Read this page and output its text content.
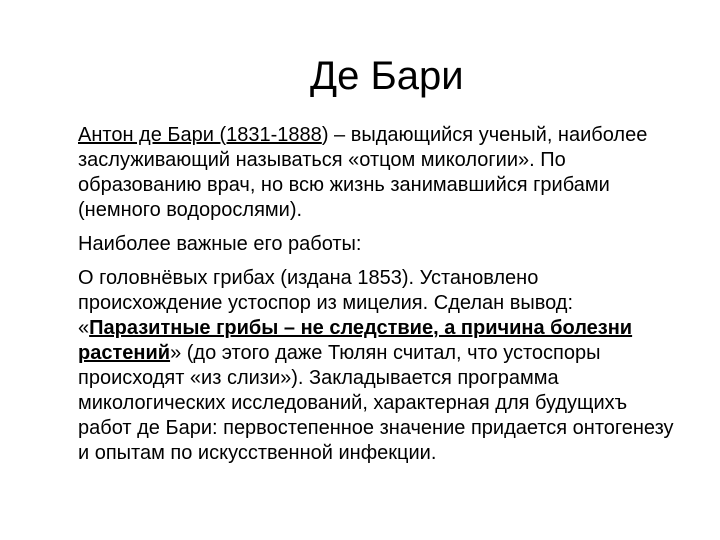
Де Бари

Антон де Бари (1831-1888) – выдающийся ученый, наиболее заслуживающий называться «отцом микологии». По образованию врач, но всю жизнь занимавшийся грибами (немного водорослями).

Наиболее важные его работы:

О головнёвых грибах (издана 1853). Установлено происхождение устоспор из мицелия. Сделан вывод: «Паразитные грибы – не следствие, а причина болезни растений» (до этого даже Тюлян считал, что устоспоры происходят «из слизи»). Закладывается программа микологических исследований, характерная для будущихъ работ де Бари: первостепенное значение придается онтогенезу и опытам по искусственной инфекции.
